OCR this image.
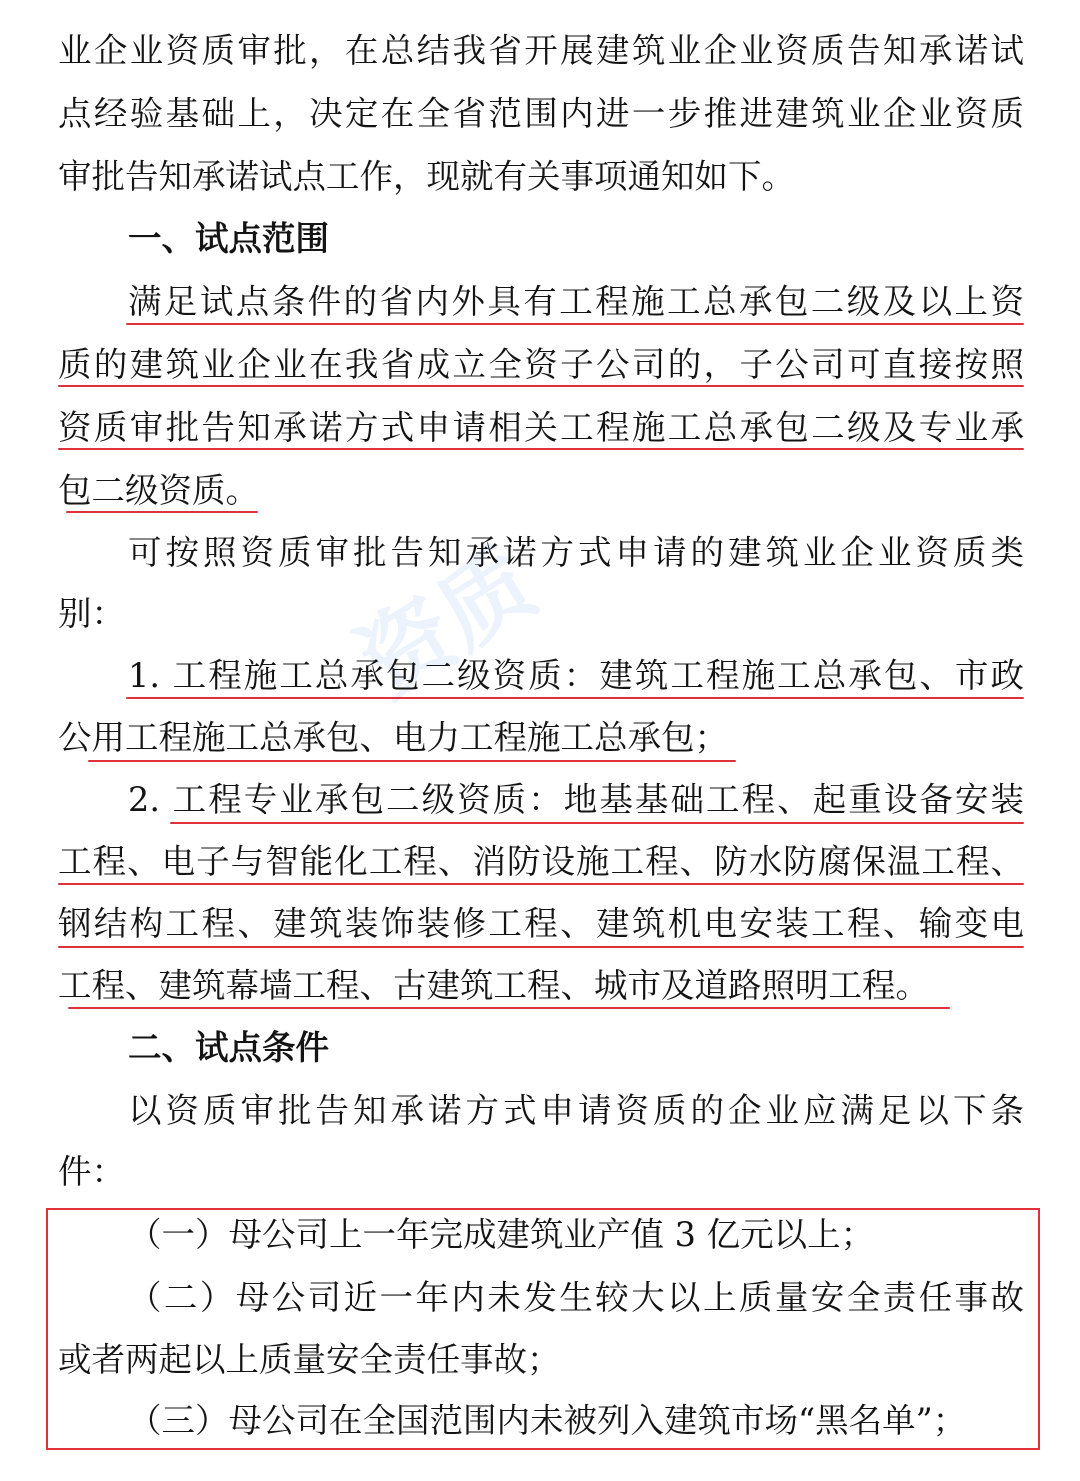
资质
业企业资质审批，在总结我省开展建筑业企业资质告知承诺试
点经验基础上，决定在全省范围内进一步推进建筑业企业资质
审批告知承诺试点工作，现就有关事项通知如下。
一、试点范围
满足试点条件的省内外具有工程施工总承包二级及以上资
质的建筑业企业在我省成立全资子公司的，子公司可直接按照
资质审批告知承诺方式申请相关工程施工总承包二级及专业承
包二级资质。
可按照资质审批告知承诺方式申请的建筑业企业资质类
别：
1. 工程施工总承包二级资质：建筑工程施工总承包、市政
公用工程施工总承包、电力工程施工总承包；
2. 工程专业承包二级资质：地基基础工程、起重设备安装
工程、电子与智能化工程、消防设施工程、防水防腐保温工程、
钢结构工程、建筑装饰装修工程、建筑机电安装工程、输变电
工程、建筑幕墙工程、古建筑工程、城市及道路照明工程。
二、试点条件
以资质审批告知承诺方式申请资质的企业应满足以下条
件：
（一）母公司上一年完成建筑业产值 3 亿元以上；
（二）母公司近一年内未发生较大以上质量安全责任事故
或者两起以上质量安全责任事故；
（三）母公司在全国范围内未被列入建筑市场“黑名单”；
